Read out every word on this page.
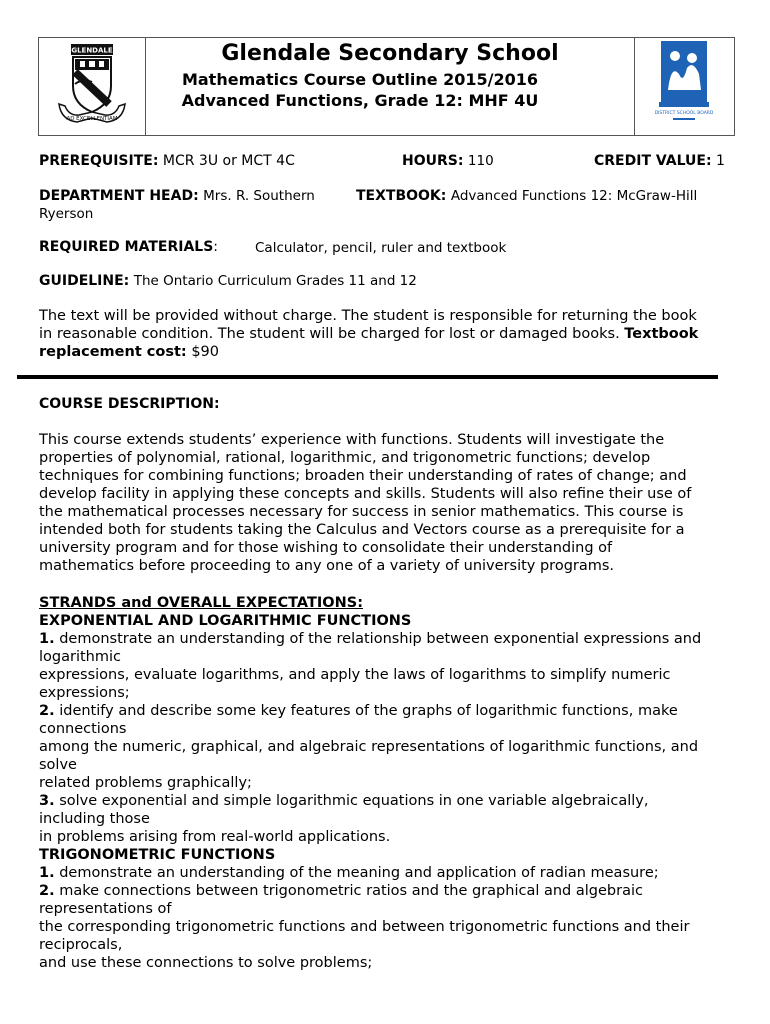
GLENDALE
AD EXCELLENTIAM
Glendale Secondary School
Mathematics Course Outline 2015/2016
Advanced Functions, Grade 12: MHF 4U
DISTRICT SCHOOL BOARD
PREREQUISITE: MCR 3U or MCT 4C	HOURS: 110	CREDIT VALUE: 1
DEPARTMENT HEAD: Mrs. R. Southern	TEXTBOOK: Advanced Functions 12: McGraw-Hill
Ryerson
REQUIRED MATERIALS:	Calculator, pencil, ruler and textbook
GUIDELINE: The Ontario Curriculum Grades 11 and 12
The text will be provided without charge. The student is responsible for returning the book
in reasonable condition. The student will be charged for lost or damaged books. Textbook
replacement cost: $90
COURSE DESCRIPTION:
This course extends students’ experience with functions. Students will investigate the
properties of polynomial, rational, logarithmic, and trigonometric functions; develop
techniques for combining functions; broaden their understanding of rates of change; and
develop facility in applying these concepts and skills. Students will also refine their use of
the mathematical processes necessary for success in senior mathematics. This course is
intended both for students taking the Calculus and Vectors course as a prerequisite for a
university program and for those wishing to consolidate their understanding of
mathematics before proceeding to any one of a variety of university programs.
STRANDS and OVERALL EXPECTATIONS:
EXPONENTIAL AND LOGARITHMIC FUNCTIONS
1. demonstrate an understanding of the relationship between exponential expressions and
logarithmic
expressions, evaluate logarithms, and apply the laws of logarithms to simplify numeric
expressions;
2. identify and describe some key features of the graphs of logarithmic functions, make
connections
among the numeric, graphical, and algebraic representations of logarithmic functions, and
solve
related problems graphically;
3. solve exponential and simple logarithmic equations in one variable algebraically,
including those
in problems arising from real-world applications.
TRIGONOMETRIC FUNCTIONS
1. demonstrate an understanding of the meaning and application of radian measure;
2. make connections between trigonometric ratios and the graphical and algebraic
representations of
the corresponding trigonometric functions and between trigonometric functions and their
reciprocals,
and use these connections to solve problems;
